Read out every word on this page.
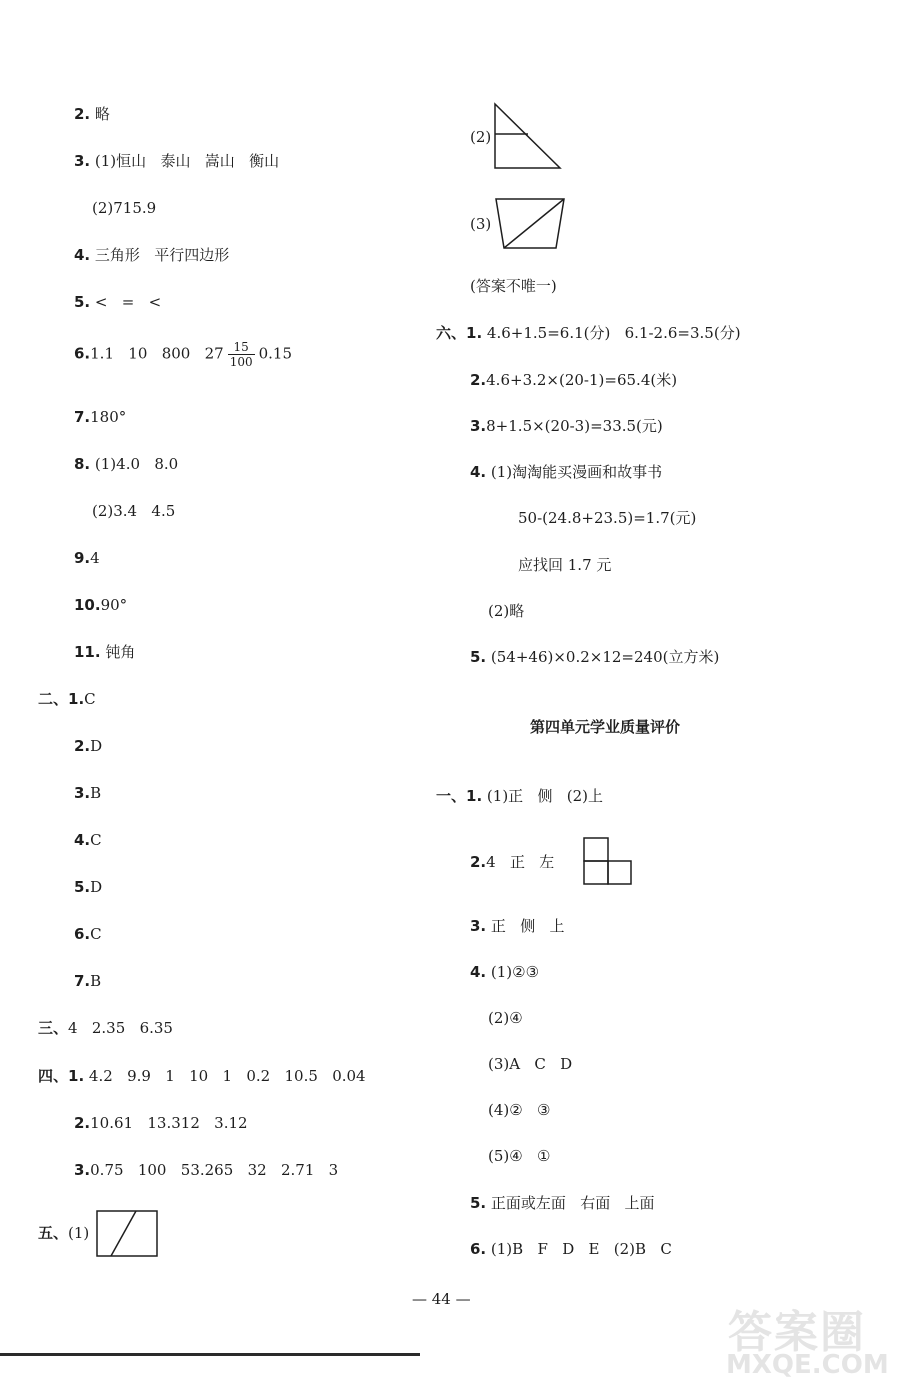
2. 略
3. (1)恒山   泰山   嵩山   衡山
(2)715.9
4. 三角形   平行四边形
5. <   =   <
6.1.1   10   800   $27 \frac{15}{100} 0.15$
7.180°
8. (1)4.0   8.0
(2)3.4   4.5
9.4
10.90°
11. 钝角
二、1.C
2.D
3.B
4.C
5.D
6.C
7.B
三、4   2.35   6.35
四、1. 4.2   9.9   1   10   1   0.2   10.5   0.04
2.10.61   13.312   3.12
3.0.75   100   53.265   32   2.71   3
五、(1)
(2)
(3)
(答案不唯一)
六、1. 4.6+1.5=6.1(分)   6.1-2.6=3.5(分)
2.4.6+3.2×(20-1)=65.4(米)
3.8+1.5×(20-3)=33.5(元)
4. (1)淘淘能买漫画和故事书
50-(24.8+23.5)=1.7(元)
应找回 1.7 元
(2)略
5. (54+46)×0.2×12=240(立方米)
第四单元学业质量评价
一、1. (1)正   侧   (2)上
2.4   正   左
3. 正   侧   上
4. (1)②③
(2)④
(3)A   C   D
(4)②   ③
(5)④   ①
5. 正面或左面   右面   上面
6. (1)B   F   D   E   (2)B   C
— 44 —
答案圈
MXQE.COM
